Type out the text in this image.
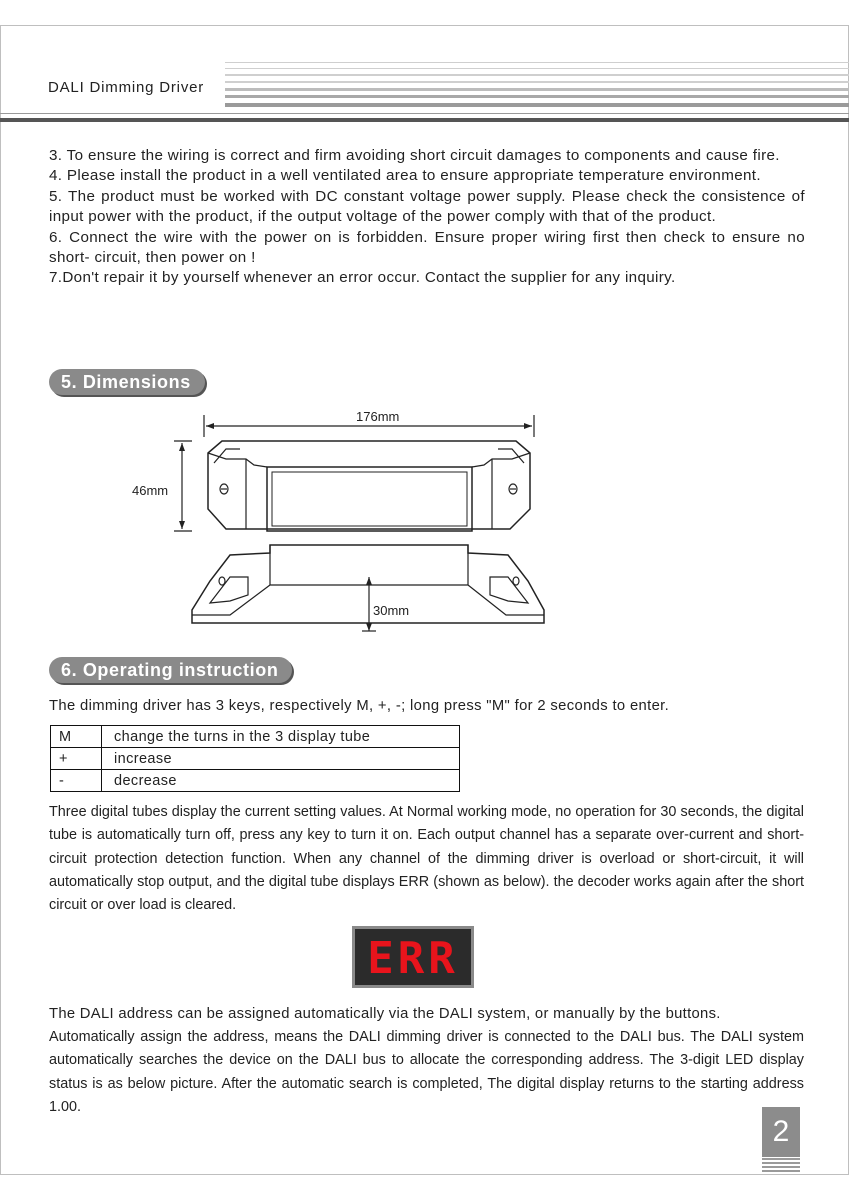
DALI Dimming Driver

3. To ensure the wiring is correct and firm avoiding short circuit damages to components and cause fire.

4. Please install the product in a well ventilated area to ensure appropriate temperature environment.

5. The product must be worked with DC constant voltage power supply. Please check the consistence of input power with the product, if the output voltage of the power comply with that of the product.

6. Connect the wire with the power on is forbidden. Ensure proper wiring first then check to ensure no short- circuit, then power on !

7.Don't repair it by yourself whenever an error occur. Contact the supplier for any inquiry.

5. Dimensions
176mm
46mm
30mm
6. Operating instruction
The dimming driver has 3 keys, respectively M, +, -; long press "M" for 2 seconds to enter.
M	change the turns in the 3 display tube
+	increase
-	decrease
Three digital tubes display the current setting values. At Normal working mode, no operation for 30 seconds, the digital tube is automatically turn off, press any key to turn it on. Each output channel has a separate over-current and short-circuit protection detection function. When any channel of the dimming driver is overload or short-circuit, it will automatically stop output, and the digital tube displays ERR (shown as below). the decoder works again after the short circuit or over load is cleared.
ERR
The DALI address can be assigned automatically via the DALI system, or manually by the buttons.
Automatically assign the address, means the DALI dimming driver is connected to the DALI bus. The DALI system automatically searches the device on the DALI bus to allocate the corresponding address. The 3-digit LED display status is as below picture. After the automatic search is completed, The digital display returns to the starting address 1.00.
2
